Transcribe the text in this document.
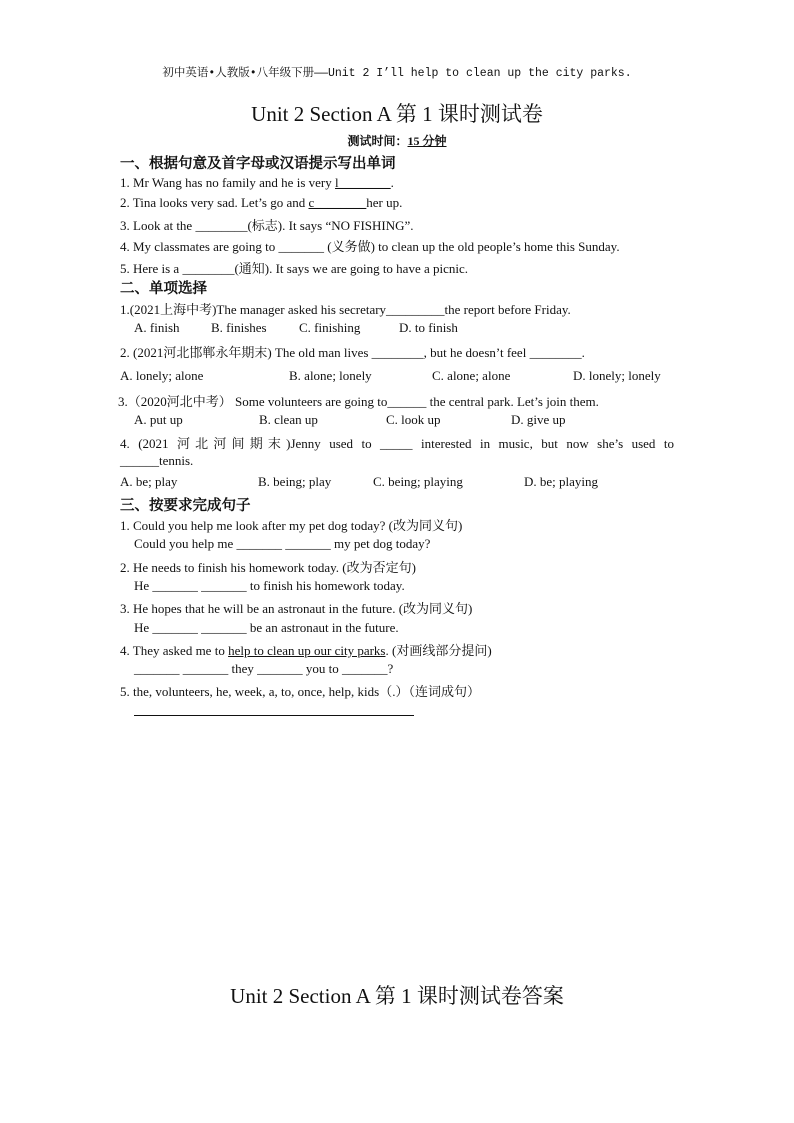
初中英语•人教版•八年级下册——Unit 2 I’ll help to clean up the city parks.
Unit 2 Section A 第 1 课时测试卷
测试时间：15 分钟
一、根据句意及首字母或汉语提示写出单词
1. Mr Wang has no family and he is very l________.
2. Tina looks very sad. Let’s go and c________her up.
3. Look at the ________(标志). It says “NO FISHING”.
4. My classmates are going to _______ (义务做) to clean up the old people’s home this Sunday.
5. Here is a ________(通知). It says we are going to have a picnic.
二、单项选择
1.(2021上海中考)The manager asked his secretary_________the report before Friday.
A. finish B. finishes C. finishing	D. to finish
2. (2021河北邯郸永年期末) The old man lives ________, but he doesn’t feel ________.
A. lonely; alone	B. alone; lonely	C. alone; alone	D. lonely; lonely
3.（2020河北中考） Some volunteers are going to______ the central park. Let’s join them.
A. put up	B. clean up	C. look up	D. give up
4. (2021 河北河间期末)Jenny used to _____ interested in music, but now she’s used to
______tennis.
A. be; play	B. being; play	C. being; playing	D. be; playing
三、按要求完成句子
1. Could you help me look after my pet dog today? (改为同义句)
Could you help me _______ _______ my pet dog today?
2. He needs to finish his homework today. (改为否定句)
He _______ _______ to finish his homework today.
3. He hopes that he will be an astronaut in the future. (改为同义句)
He _______ _______ be an astronaut in the future.
4. They asked me to help to clean up our city parks. (对画线部分提问)
_______ _______ they _______ you to _______?
5. the, volunteers, he, week, a, to, once, help, kids（.）（连词成句）
Unit 2 Section A 第 1 课时测试卷答案
